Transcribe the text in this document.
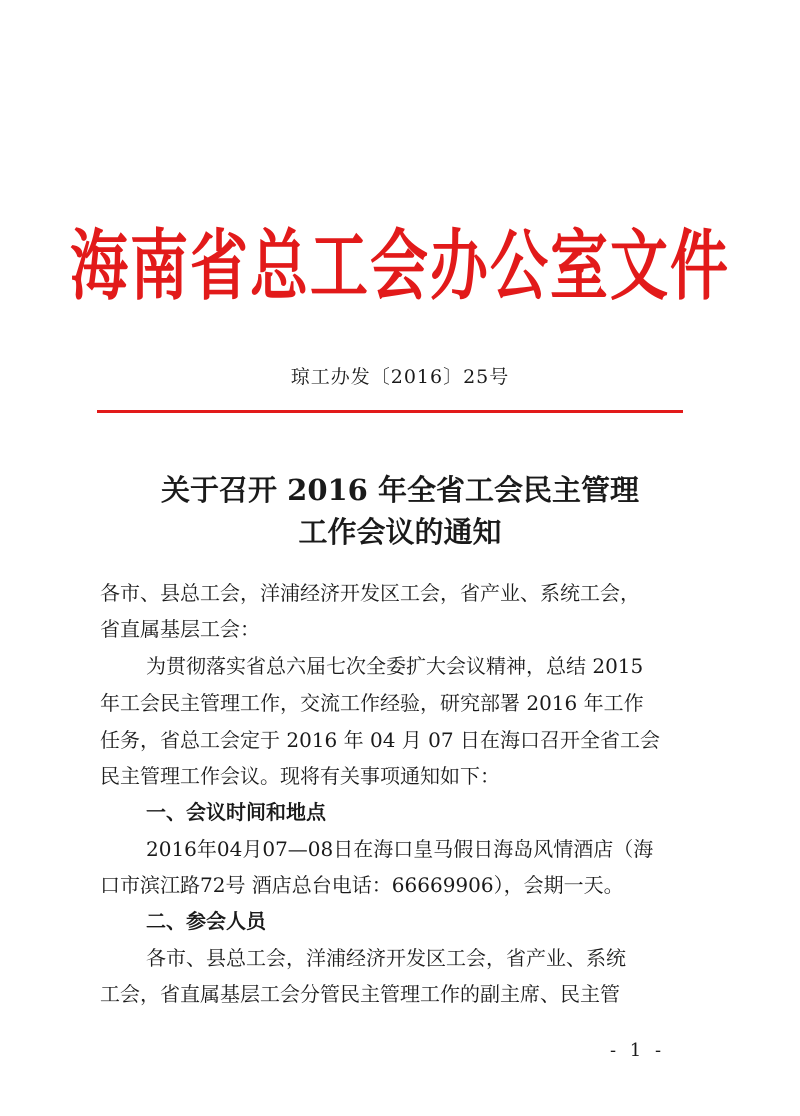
海南省总工会办公室文件
琼工办发〔2016〕25号
关于召开 2016 年全省工会民主管理
工作会议的通知
各市、县总工会，洋浦经济开发区工会，省产业、系统工会，
省直属基层工会：
为贯彻落实省总六届七次全委扩大会议精神，总结 2015
年工会民主管理工作，交流工作经验，研究部署 2016 年工作
任务，省总工会定于 2016 年 04 月 07 日在海口召开全省工会
民主管理工作会议。现将有关事项通知如下：
一、会议时间和地点
2016年04月07—08日在海口皇马假日海岛风情酒店（海
口市滨江路72号 酒店总台电话：66669906），会期一天。
二、参会人员
各市、县总工会，洋浦经济开发区工会，省产业、系统
工会，省直属基层工会分管民主管理工作的副主席、民主管
- 1 -
